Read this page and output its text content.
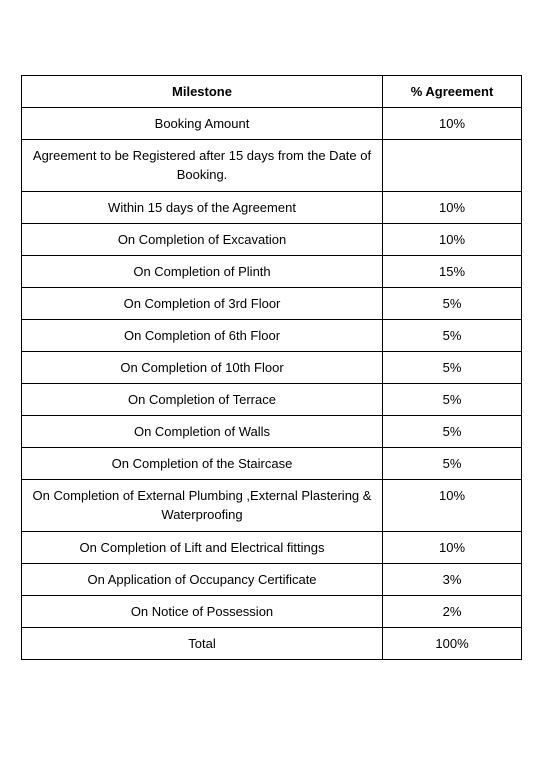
Milestone	% Agreement
Booking Amount	10%
Agreement to be Registered after 15 days from the Date of Booking.	
Within 15 days of the Agreement	10%
On Completion of Excavation	10%
On Completion of Plinth	15%
On Completion of 3rd Floor	5%
On Completion of 6th Floor	5%
On Completion of 10th Floor	5%
On Completion of Terrace	5%
On Completion of Walls	5%
On Completion of the Staircase	5%
On Completion of External Plumbing ,External Plastering & Waterproofing	10%
On Completion of Lift and Electrical fittings	10%
On Application of Occupancy Certificate	3%
On Notice of Possession	2%
Total	100%
